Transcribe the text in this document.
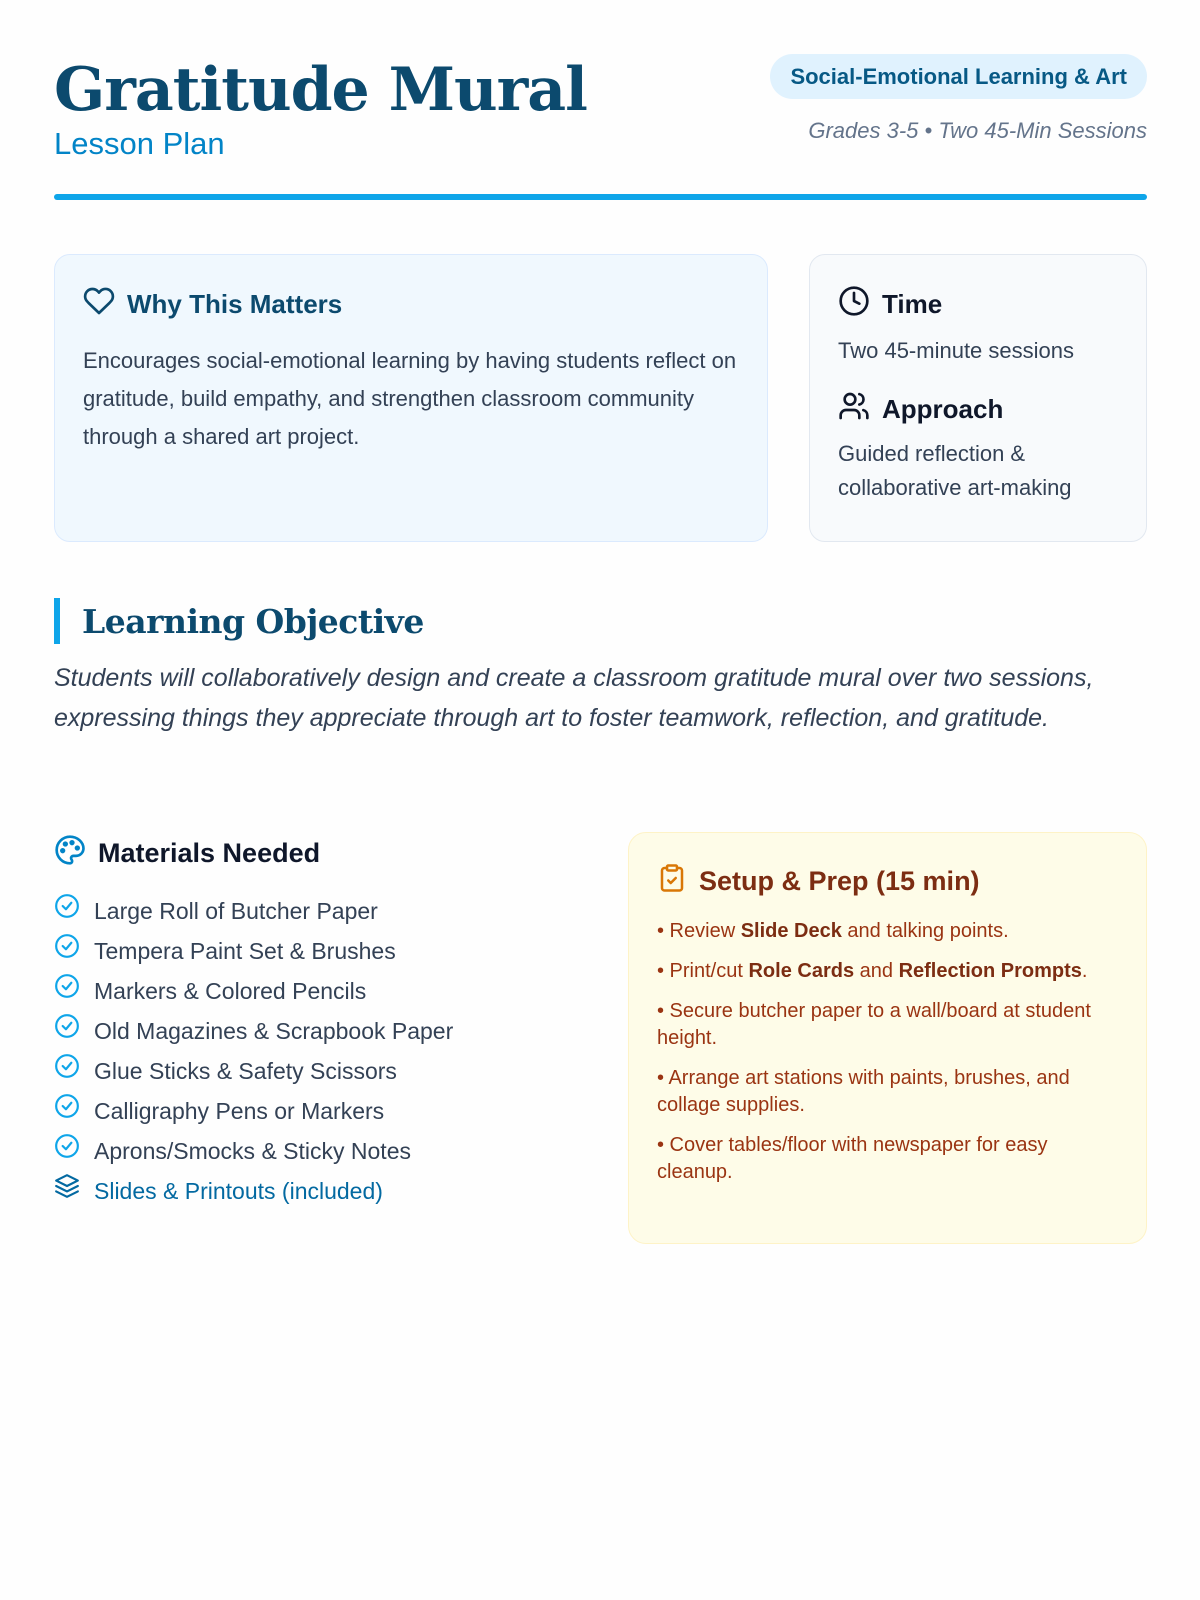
Gratitude Mural
Lesson Plan
Social-Emotional Learning & Art
Grades 3-5 • Two 45-Min Sessions
Why This Matters

Encourages social-emotional learning by having students reflect on gratitude, build empathy, and strengthen classroom community through a shared art project.

Time
Two 45-minute sessions
Approach
Guided reflection & collaborative art-making
Learning Objective

Students will collaboratively design and create a classroom gratitude mural over two sessions, expressing things they appreciate through art to foster teamwork, reflection, and gratitude.

Materials Needed
Large Roll of Butcher Paper
Tempera Paint Set & Brushes
Markers & Colored Pencils
Old Magazines & Scrapbook Paper
Glue Sticks & Safety Scissors
Calligraphy Pens or Markers
Aprons/Smocks & Sticky Notes
Slides & Printouts (included)
Setup & Prep (15 min)
• Review Slide Deck and talking points.
• Print/cut Role Cards and Reflection Prompts.
• Secure butcher paper to a wall/board at student height.
• Arrange art stations with paints, brushes, and collage supplies.
• Cover tables/floor with newspaper for easy cleanup.
